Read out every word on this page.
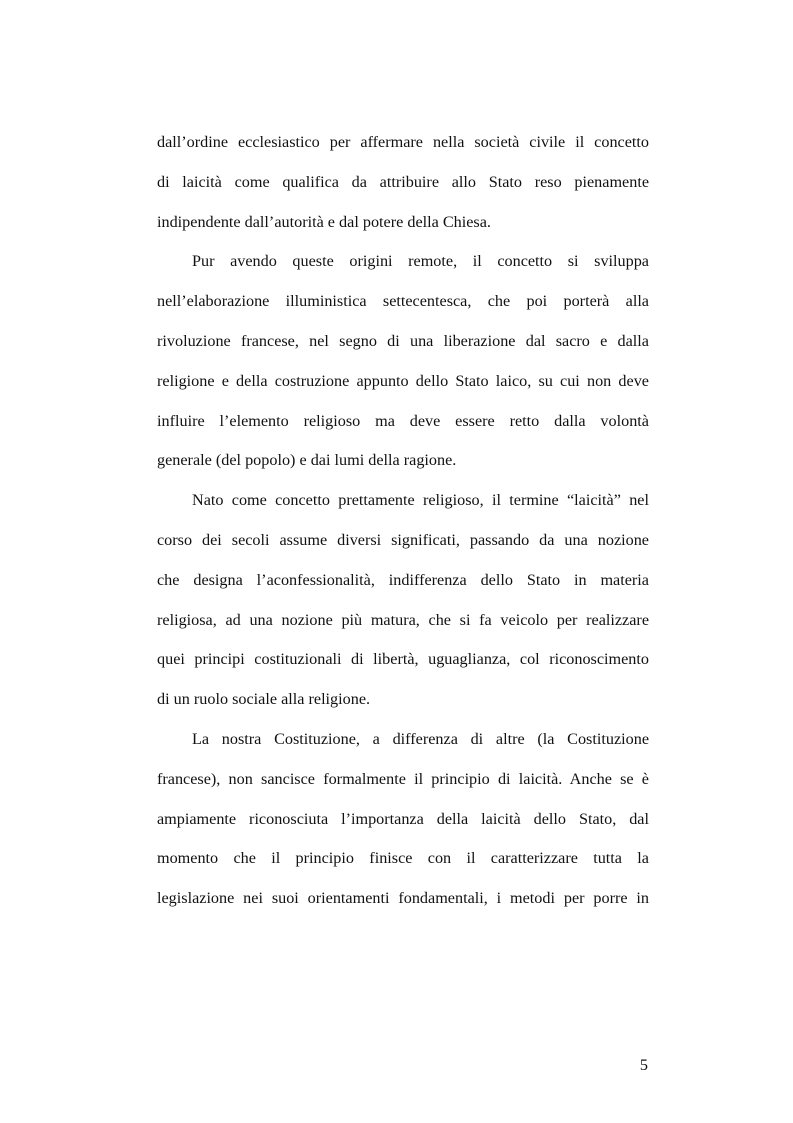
dall’ordine ecclesiastico per affermare nella società civile il concetto
di laicità come qualifica da attribuire allo Stato reso pienamente
indipendente dall’autorità e dal potere della Chiesa.
Pur avendo queste origini remote, il concetto si sviluppa
nell’elaborazione illuministica settecentesca, che poi porterà alla
rivoluzione francese, nel segno di una liberazione dal sacro e dalla
religione e della costruzione appunto dello Stato laico, su cui non deve
influire l’elemento religioso ma deve essere retto dalla volontà
generale (del popolo) e dai lumi della ragione.
Nato come concetto prettamente religioso, il termine “laicità” nel
corso dei secoli assume diversi significati, passando da una nozione
che designa l’aconfessionalità, indifferenza dello Stato in materia
religiosa, ad una nozione più matura, che si fa veicolo per realizzare
quei principi costituzionali di libertà, uguaglianza, col riconoscimento
di un ruolo sociale alla religione.
La nostra Costituzione, a differenza di altre (la Costituzione
francese), non sancisce formalmente il principio di laicità. Anche se è
ampiamente riconosciuta l’importanza della laicità dello Stato, dal
momento che il principio finisce con il caratterizzare tutta la
legislazione nei suoi orientamenti fondamentali, i metodi per porre in
5
